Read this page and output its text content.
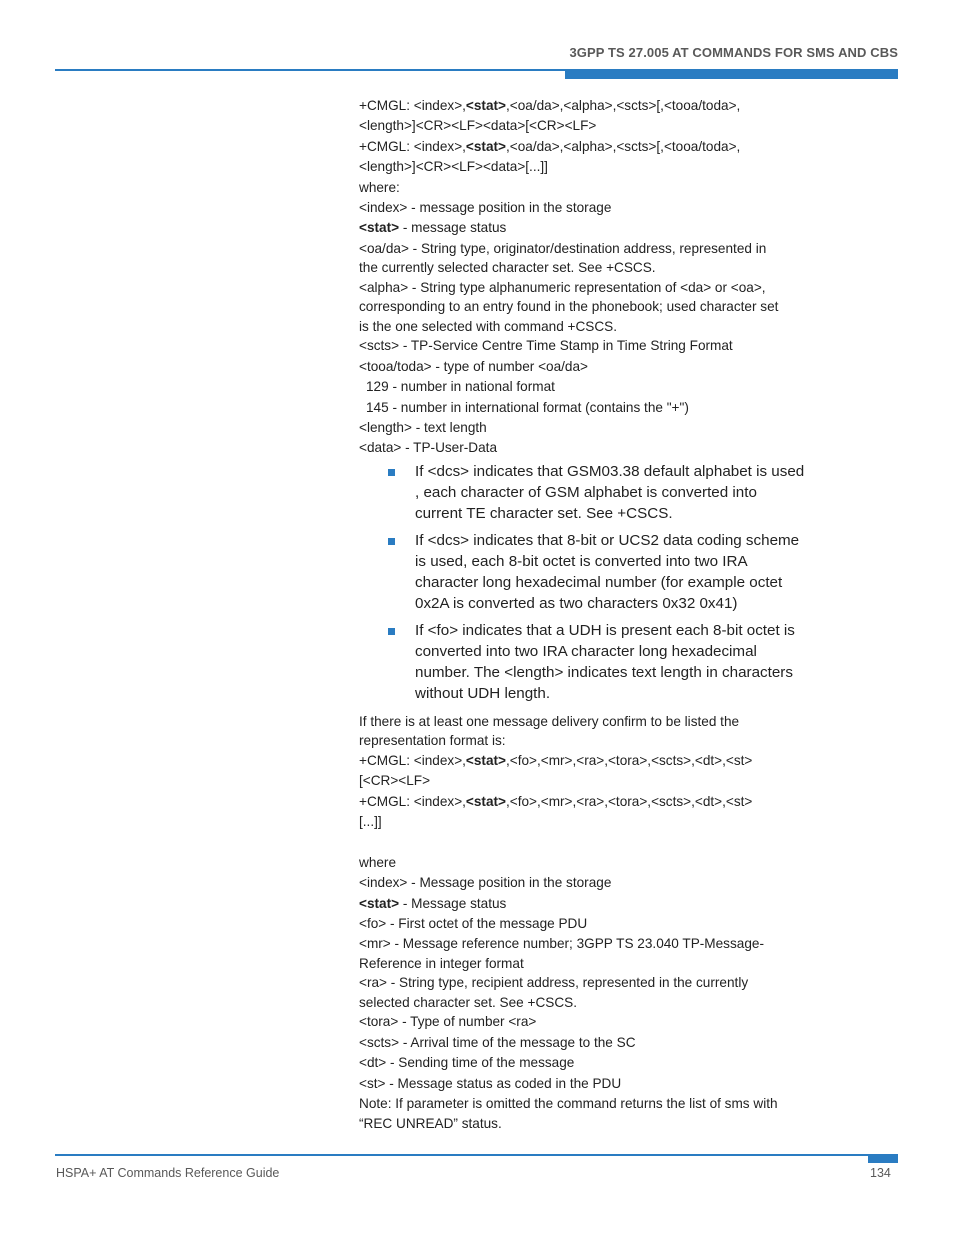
3GPP TS 27.005 AT COMMANDS FOR SMS AND CBS

+CMGL: <index>,<stat>,<oa/da>,<alpha>,<scts>[,<tooa/toda>,

<length>]<CR><LF><data>[<CR><LF>

+CMGL: <index>,<stat>,<oa/da>,<alpha>,<scts>[,<tooa/toda>,

<length>]<CR><LF><data>[...]]

where:

<index> - message position in the storage

<stat> - message status

<oa/da> - String type, originator/destination address, represented in
the currently selected character set. See +CSCS.

<alpha> - String type alphanumeric representation of <da> or <oa>,
corresponding to an entry found in the phonebook; used character set
is the one selected with command +CSCS.

<scts> - TP-Service Centre Time Stamp in Time String Format

<tooa/toda> - type of number <oa/da>

129 - number in national format

145 - number in international format (contains the "+")

<length> - text length

<data> - TP-User-Data

If <dcs> indicates that GSM03.38 default alphabet is used
, each character of GSM alphabet is converted into
current TE character set. See +CSCS.
If <dcs> indicates that 8-bit or UCS2 data coding scheme
is used, each 8-bit octet is converted into two IRA
character long hexadecimal number (for example octet
0x2A is converted as two characters 0x32 0x41)
If <fo> indicates that a UDH is present each 8-bit octet is
converted into two IRA character long hexadecimal
number. The <length> indicates text length in characters
without UDH length.

If there is at least one message delivery confirm to be listed the
representation format is:

+CMGL: <index>,<stat>,<fo>,<mr>,<ra>,<tora>,<scts>,<dt>,<st>

[<CR><LF>

+CMGL: <index>,<stat>,<fo>,<mr>,<ra>,<tora>,<scts>,<dt>,<st>

[...]]

where

<index> - Message position in the storage

<stat> - Message status

<fo> - First octet of the message PDU

<mr> - Message reference number; 3GPP TS 23.040 TP-Message-
Reference in integer format

<ra> - String type, recipient address, represented in the currently
selected character set. See +CSCS.

<tora> - Type of number <ra>

<scts> - Arrival time of the message to the SC

<dt> - Sending time of the message

<st> - Message status as coded in the PDU

Note: If parameter is omitted the command returns the list of sms with
“REC UNREAD” status.

HSPA+ AT Commands Reference Guide	134
